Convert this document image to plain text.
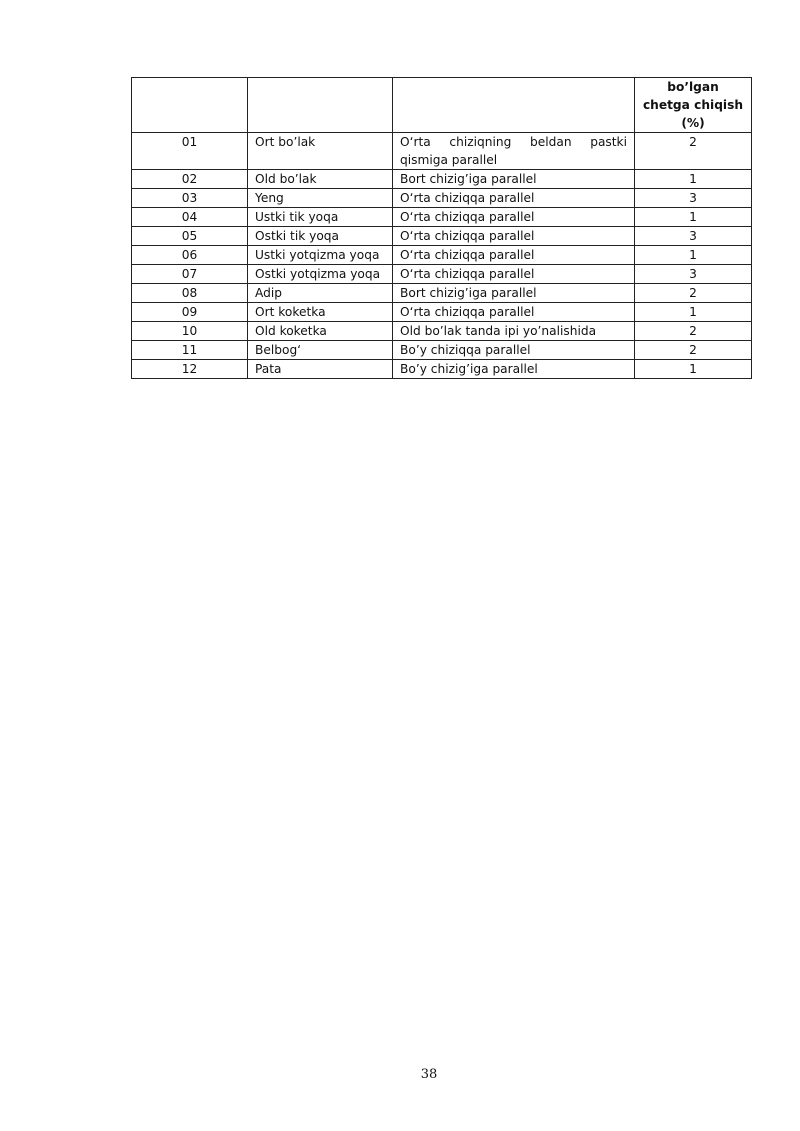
			bo’lgan chetga chiqish (%)
01	Ort bo’lak	O‘rta chiziqning beldan pastki qismiga parallel	2
02	Old bo’lak	Bort chizig’iga parallel	1
03	Yeng	O‘rta chiziqqa parallel	3
04	Ustki tik yoqa	O‘rta chiziqqa parallel	1
05	Ostki tik yoqa	O‘rta chiziqqa parallel	3
06	Ustki yotqizma yoqa	O‘rta chiziqqa parallel	1
07	Ostki yotqizma yoqa	O‘rta chiziqqa parallel	3
08	Adip	Bort chizig’iga parallel	2
09	Ort koketka	O‘rta chiziqqa parallel	1
10	Old koketka	Old bo’lak tanda ipi yo’nalishida	2
11	Belbog‘	Bo’y chiziqqa parallel	2
12	Pata	Bo’y chizig’iga parallel	1
38
